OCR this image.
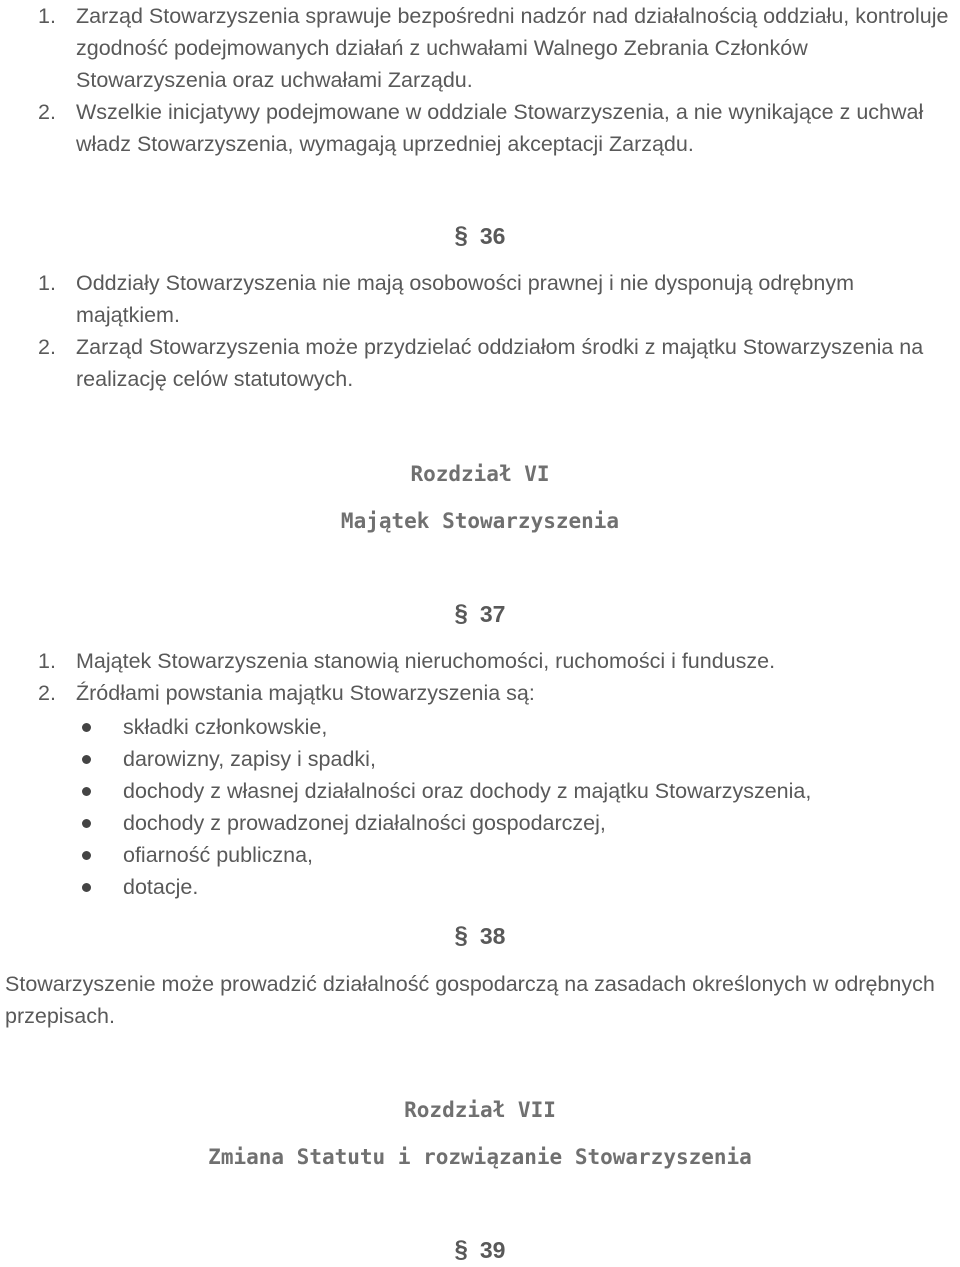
1. Zarząd Stowarzyszenia sprawuje bezpośredni nadzór nad działalnością oddziału, kontroluje zgodność podejmowanych działań z uchwałami Walnego Zebrania Członków Stowarzyszenia oraz uchwałami Zarządu.
2. Wszelkie inicjatywy podejmowane w oddziale Stowarzyszenia, a nie wynikające z uchwał władz Stowarzyszenia, wymagają uprzedniej akceptacji Zarządu.
§ 36
1. Oddziały Stowarzyszenia nie mają osobowości prawnej i nie dysponują odrębnym majątkiem.
2. Zarząd Stowarzyszenia może przydzielać oddziałom środki z majątku Stowarzyszenia na realizację celów statutowych.
Rozdział VI
Majątek Stowarzyszenia
§ 37
1. Majątek Stowarzyszenia stanowią nieruchomości, ruchomości i fundusze.
2. Źródłami powstania majątku Stowarzyszenia są:
składki członkowskie,
darowizny, zapisy i spadki,
dochody z własnej działalności oraz dochody z majątku Stowarzyszenia,
dochody z prowadzonej działalności gospodarczej,
ofiarność publiczna,
dotacje.
§ 38
Stowarzyszenie może prowadzić działalność gospodarczą na zasadach określonych w odrębnych przepisach.
Rozdział VII
Zmiana Statutu i rozwiązanie Stowarzyszenia
§ 39
